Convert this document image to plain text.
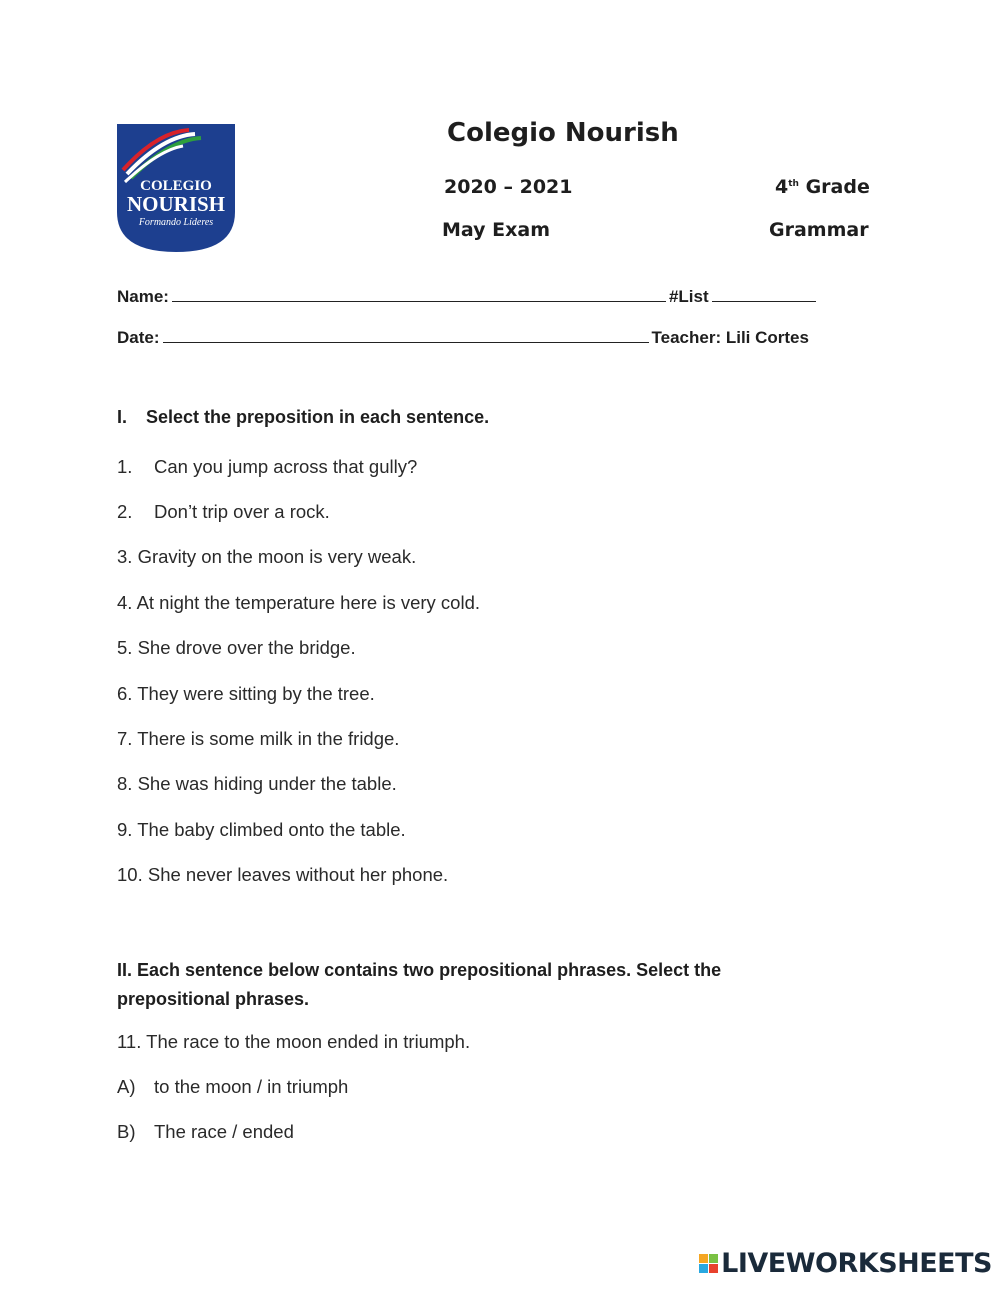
COLEGIO
NOURISH
Formando Líderes
Colegio Nourish
2020 – 2021	4th Grade
May Exam	Grammar
Name:	#List
Date:	Teacher: Lili Cortes
I. Select the preposition in each sentence.
1. Can you jump across that gully?
2. Don’t trip over a rock.
3. Gravity on the moon is very weak.
4. At night the temperature here is very cold.
5. She drove over the bridge.
6. They were sitting by the tree.
7. There is some milk in the fridge.
8. She was hiding under the table.
9. The baby climbed onto the table.
10. She never leaves without her phone.
II. Each sentence below contains two prepositional phrases. Select the prepositional phrases.
11. The race to the moon ended in triumph.
A) to the moon / in triumph
B) The race / ended
LIVEWORKSHEETS
